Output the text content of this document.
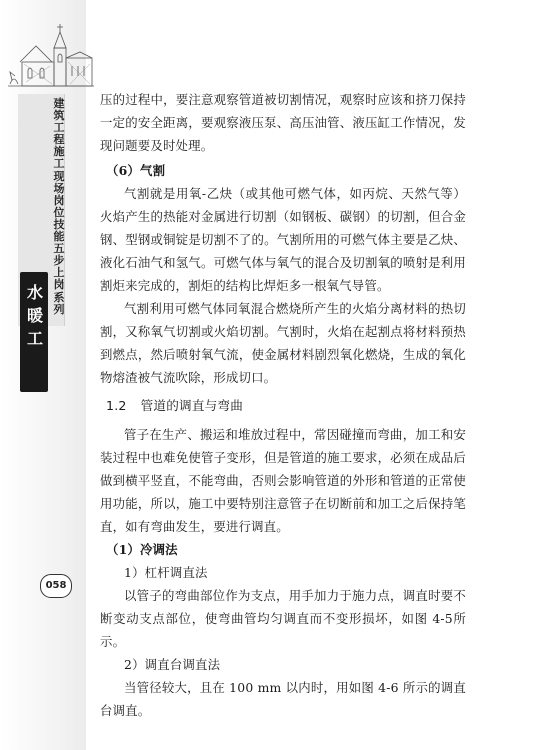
建筑工程施工现场岗位技能五步上岗系列
水暖工
058

压的过程中，要注意观察管道被切割情况，观察时应该和挤刀保持一定的安全距离，要观察液压泵、高压油管、液压缸工作情况，发现问题要及时处理。

（6）气割

气割就是用氧-乙炔（或其他可燃气体，如丙烷、天然气等）火焰产生的热能对金属进行切割（如钢板、碳钢）的切割，但合金钢、型钢或铜锭是切割不了的。气割所用的可燃气体主要是乙炔、液化石油气和氢气。可燃气体与氧气的混合及切割氧的喷射是利用割炬来完成的，割炬的结构比焊炬多一根氧气导管。

气割利用可燃气体同氧混合燃烧所产生的火焰分离材料的热切割，又称氧气切割或火焰切割。气割时，火焰在起割点将材料预热到燃点，然后喷射氧气流，使金属材料剧烈氧化燃烧，生成的氧化物熔渣被气流吹除，形成切口。

1.2 管道的调直与弯曲

管子在生产、搬运和堆放过程中，常因碰撞而弯曲，加工和安装过程中也难免使管子变形，但是管道的施工要求，必须在成品后做到横平竖直，不能弯曲，否则会影响管道的外形和管道的正常使用功能，所以，施工中要特别注意管子在切断前和加工之后保持笔直，如有弯曲发生，要进行调直。

（1）冷调法

1）杠杆调直法

以管子的弯曲部位作为支点，用手加力于施力点，调直时要不断变动支点部位，使弯曲管均匀调直而不变形损坏，如图 4-5所示。

2）调直台调直法

当管径较大，且在 100 mm 以内时，用如图 4-6 所示的调直台调直。
